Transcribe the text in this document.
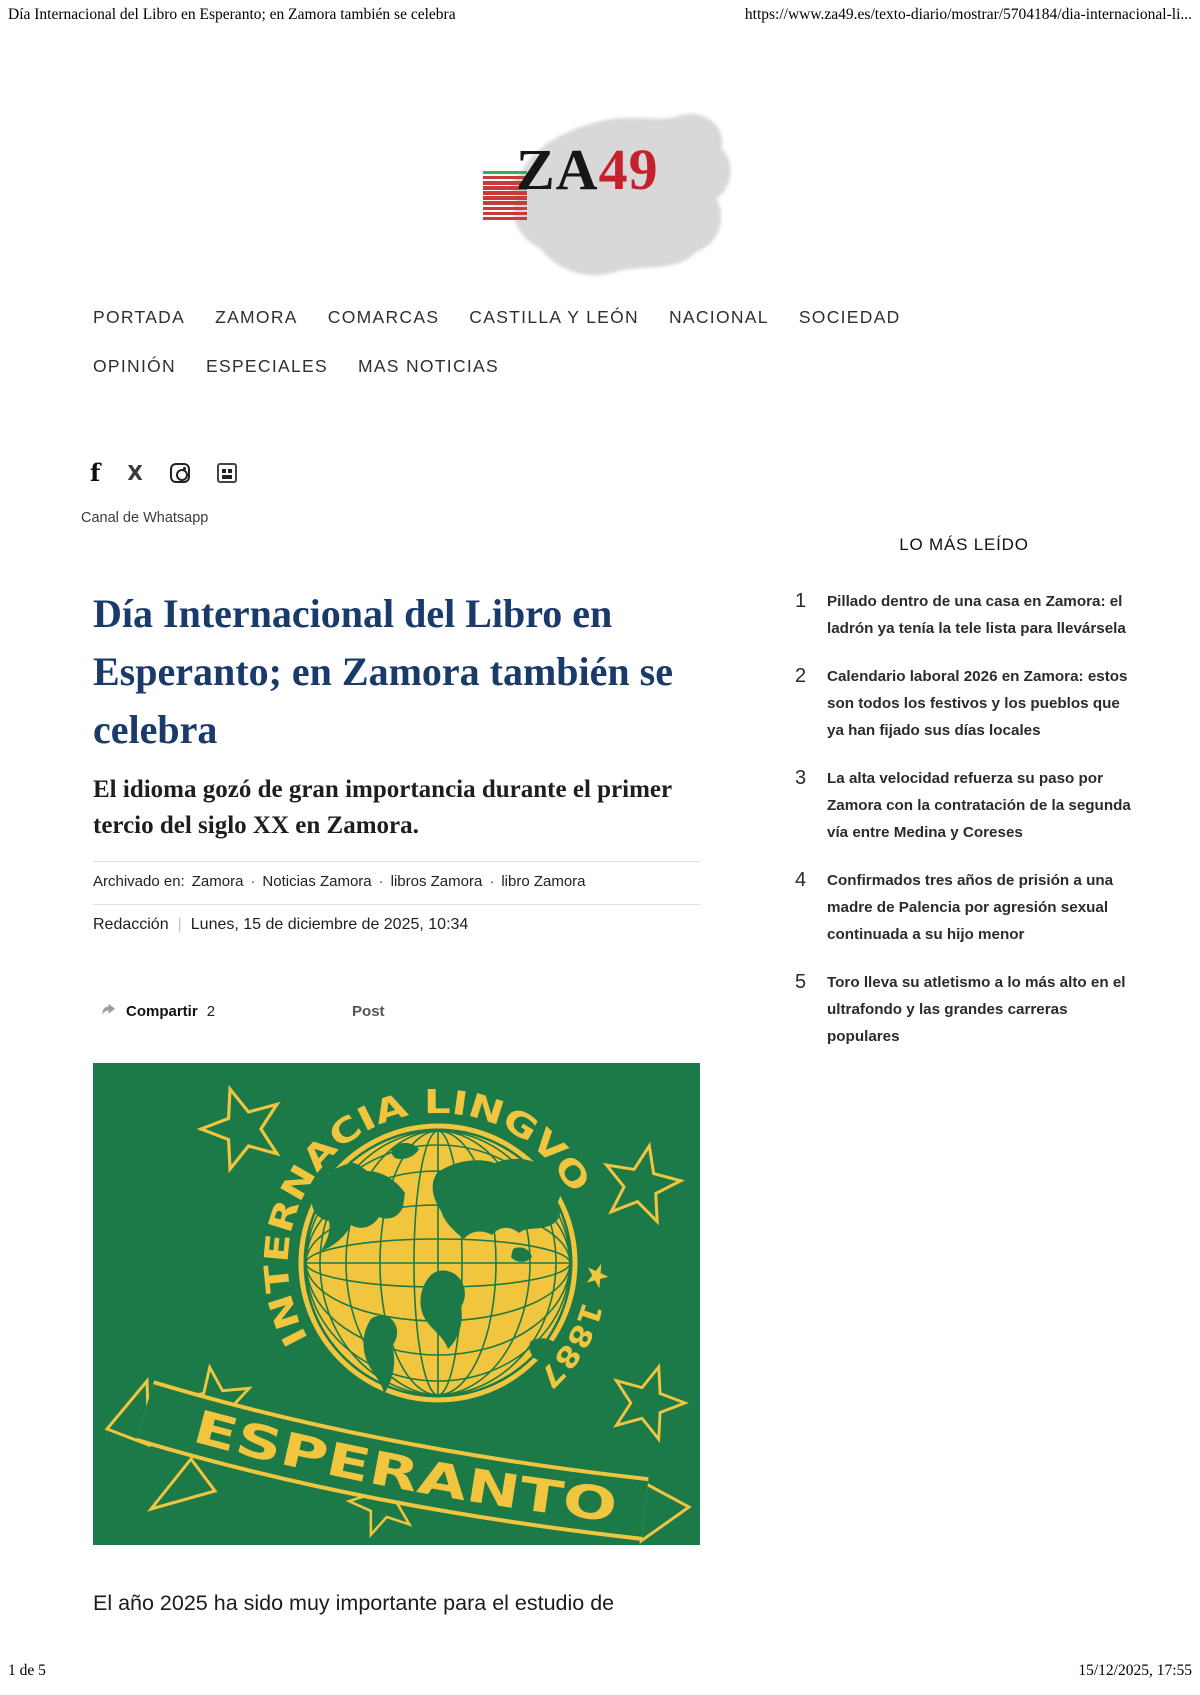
Día Internacional del Libro en Esperanto; en Zamora también se celebra	https://www.za49.es/texto-diario/mostrar/5704184/dia-internacional-li...
ZA49
PORTADA ZAMORA COMARCAS CASTILLA Y LEÓN NACIONAL SOCIEDAD
OPINIÓN ESPECIALES MAS NOTICIAS
f X
Canal de Whatsapp
Día Internacional del Libro en Esperanto; en Zamora también se celebra
El idioma gozó de gran importancia durante el primer tercio del siglo XX en Zamora.
Archivado en: Zamora · Noticias Zamora · libros Zamora · libro Zamora
Redacción | Lunes, 15 de diciembre de 2025, 10:34
Compartir 2	Post
INTERNACIA LINGVO
★ 1887
ESPERANTO

El año 2025 ha sido muy importante para el estudio de

LO MÁS LEÍDO
1	Pillado dentro de una casa en Zamora: el ladrón ya tenía la tele lista para llevársela
2	Calendario laboral 2026 en Zamora: estos son todos los festivos y los pueblos que ya han fijado sus días locales
3	La alta velocidad refuerza su paso por Zamora con la contratación de la segunda vía entre Medina y Coreses
4	Confirmados tres años de prisión a una madre de Palencia por agresión sexual continuada a su hijo menor
5	Toro lleva su atletismo a lo más alto en el ultrafondo y las grandes carreras populares
1 de 5	15/12/2025, 17:55
